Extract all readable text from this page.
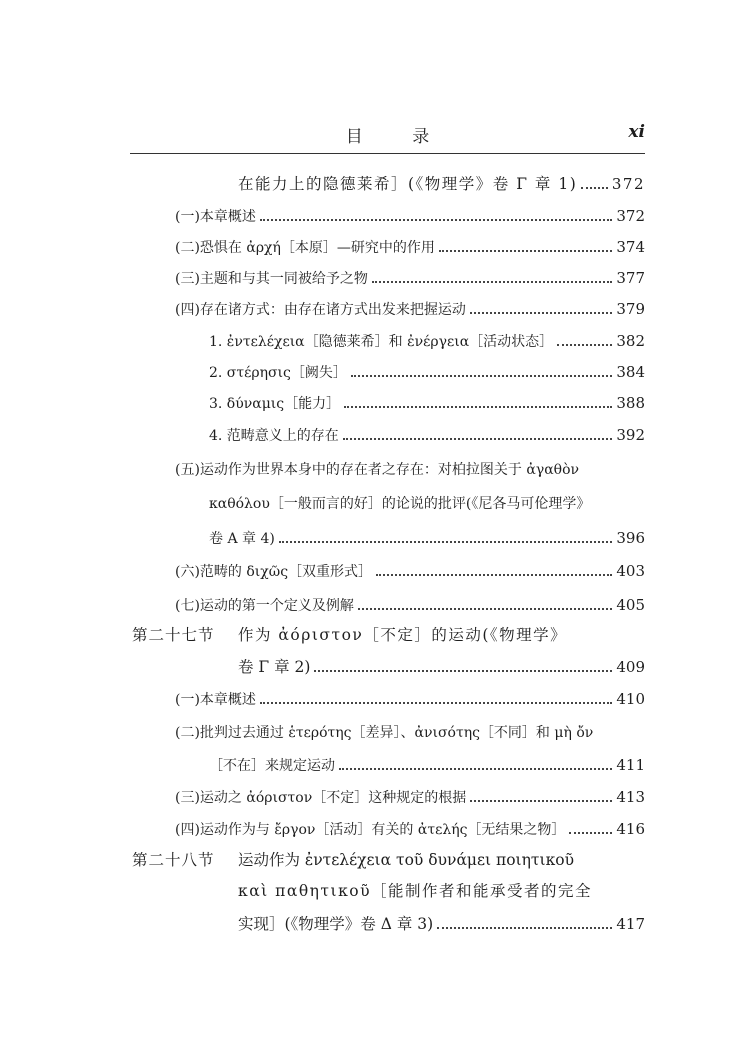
目 录	xi
在能力上的隐德莱希］(《物理学》卷 Γ 章 1) 372
(一)本章概述	372
(二)恐惧在 ἀρχή［本原］—研究中的作用	374
(三)主题和与其一同被给予之物	377
(四)存在诸方式：由存在诸方式出发来把握运动	379
1. ἐντελέχεια［隐德莱希］和 ἐνέργεια［活动状态］	382
2. στέρησις［阙失］	384
3. δύναμις［能力］	388
4. 范畴意义上的存在	392
(五)运动作为世界本身中的存在者之存在：对柏拉图关于 ἀγαθὸν
καθόλου［一般而言的好］的论说的批评(《尼各马可伦理学》
卷 A 章 4)	396
(六)范畴的 διχῶς［双重形式］	403
(七)运动的第一个定义及例解	405
第二十七节 作为 ἀόριστον［不定］的运动(《物理学》
卷 Γ 章 2)	409
(一)本章概述	410
(二)批判过去通过 ἑτερότης［差异］、ἀνισότης［不同］和 μὴ ὄν
［不在］来规定运动	411
(三)运动之 ἀόριστον［不定］这种规定的根据	413
(四)运动作为与 ἔργον［活动］有关的 ἀτελής［无结果之物］	416
第二十八节 运动作为 ἐντελέχεια τοῦ δυνάμει ποιητικοῦ
καὶ παθητικοῦ［能制作者和能承受者的完全
实现］(《物理学》卷 Δ 章 3)	417
